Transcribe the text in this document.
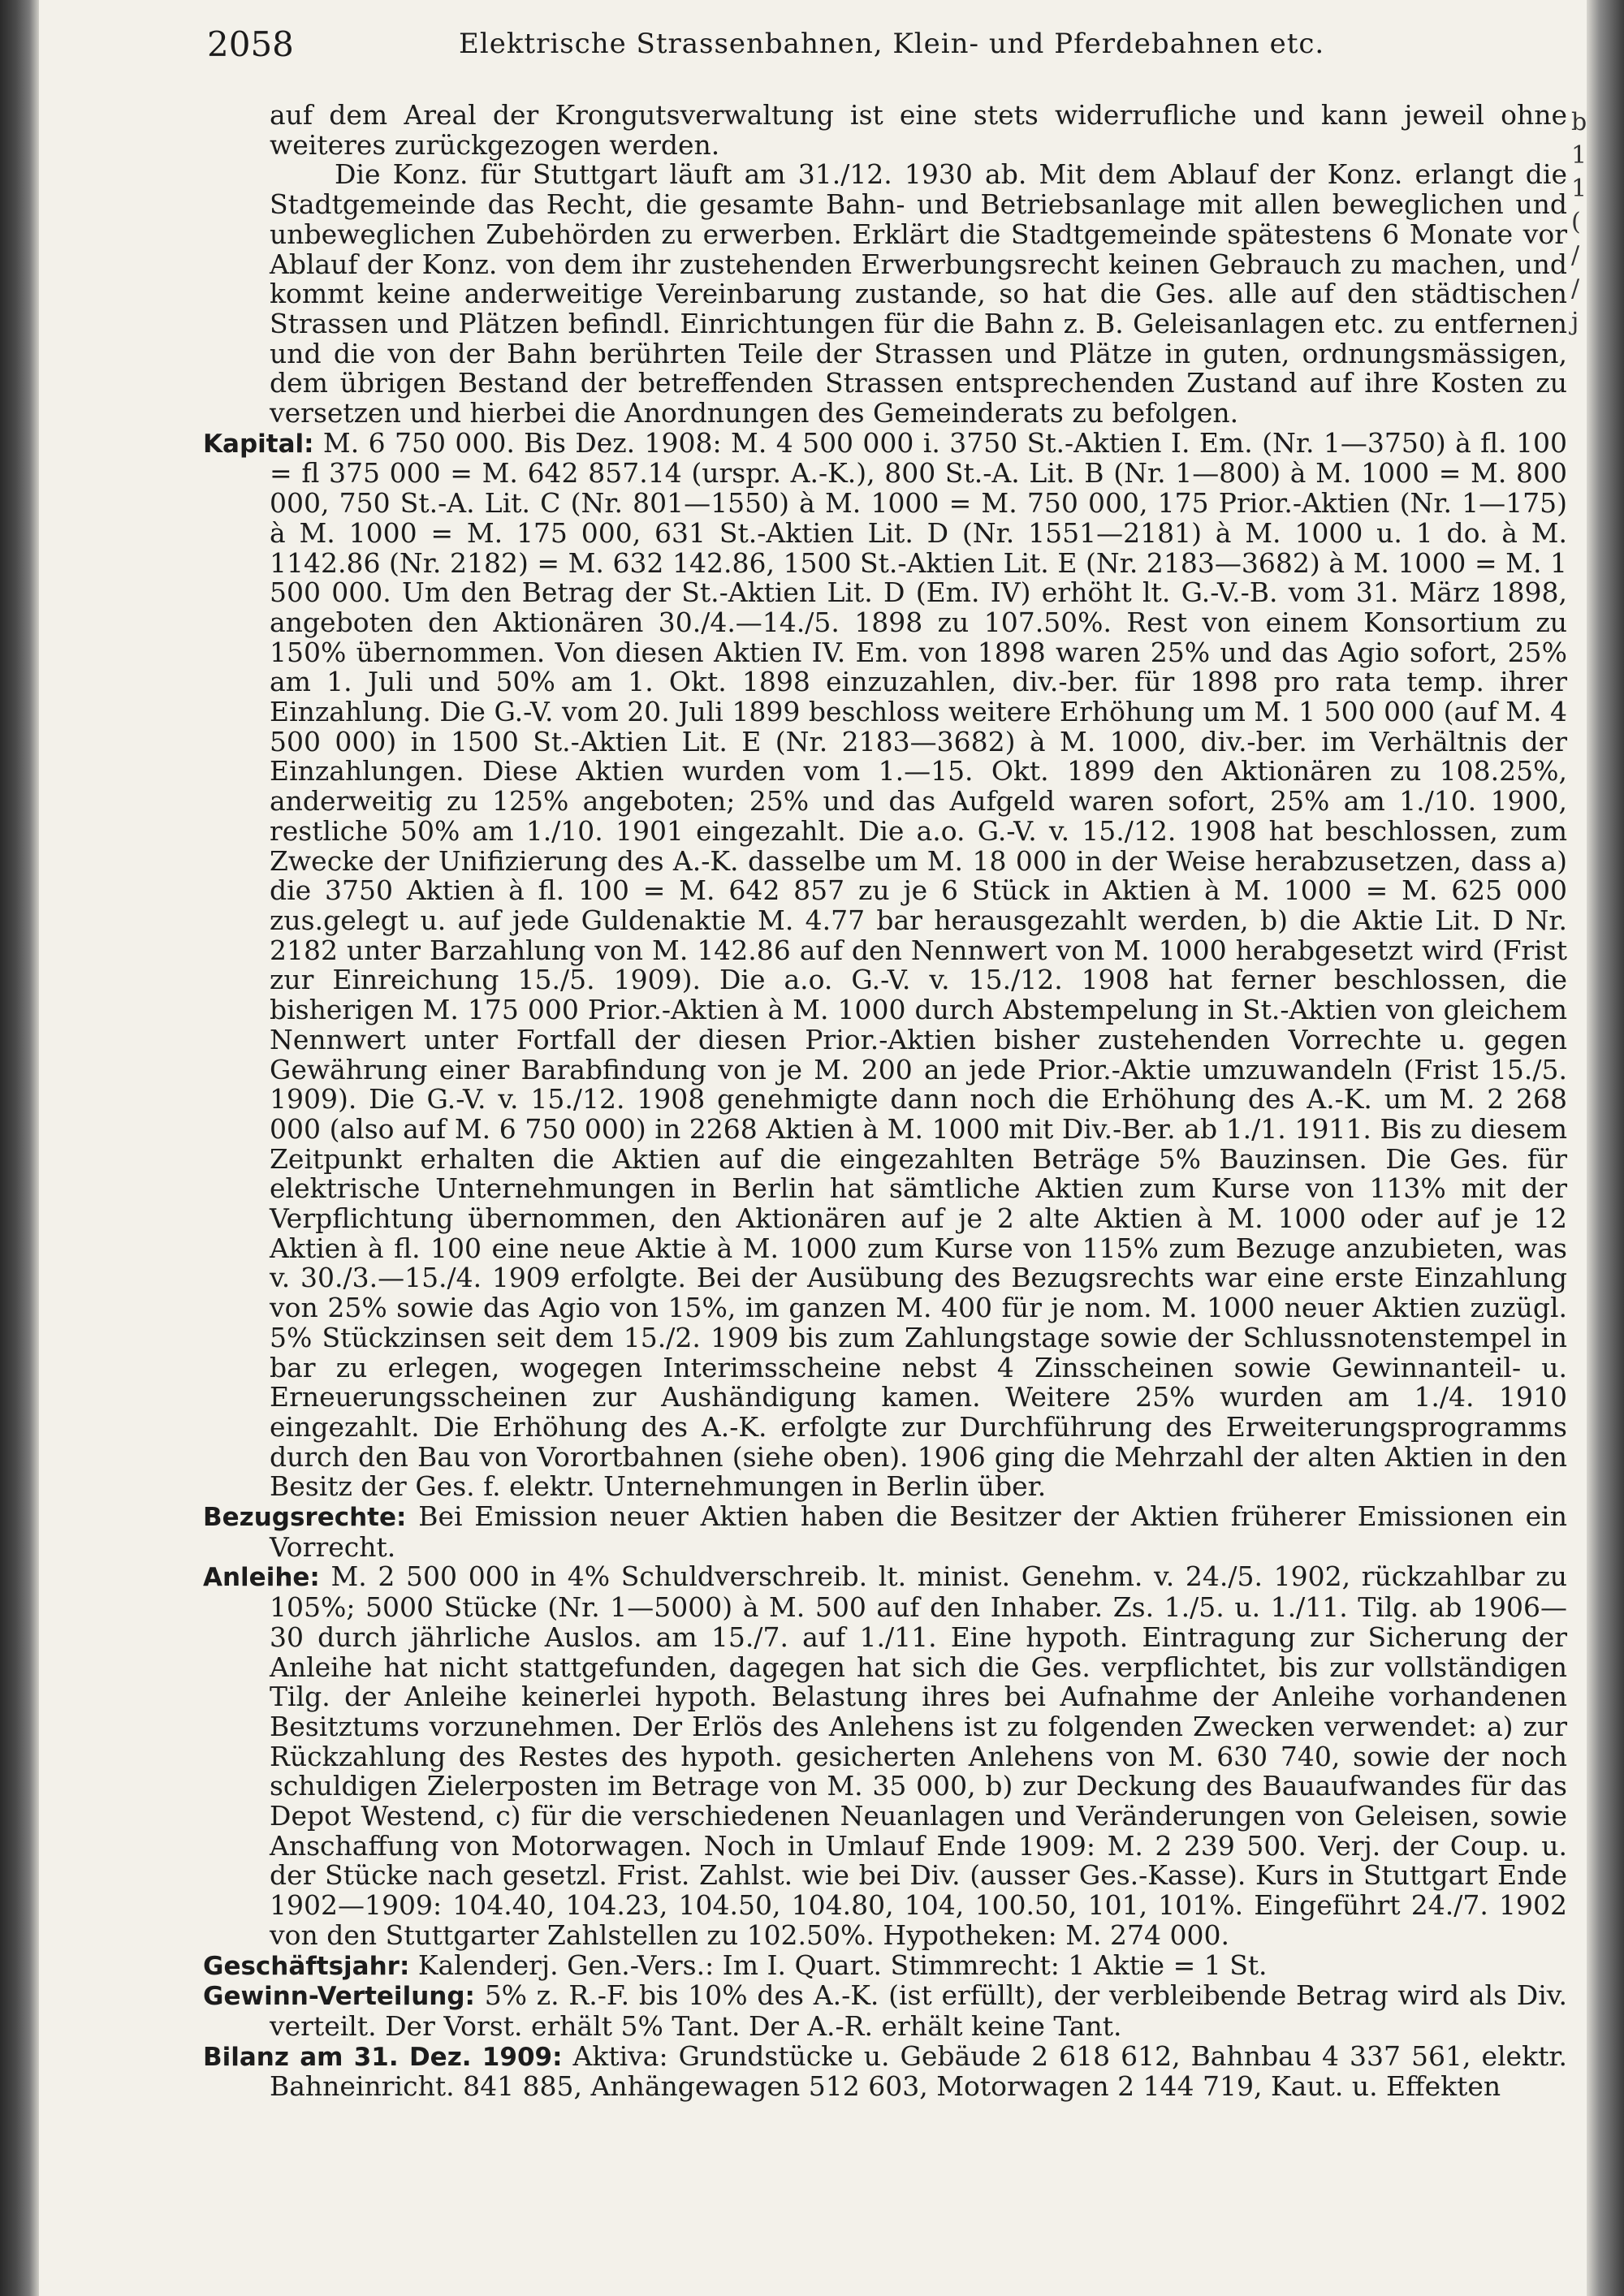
2058	Elektrische Strassenbahnen, Klein- und Pferdebahnen etc.
b
1
1
(
/
/
j

auf dem Areal der Krongutsverwaltung ist eine stets widerrufliche und kann jeweil ohne weiteres zurückgezogen werden.

Die Konz. für Stuttgart läuft am 31./12. 1930 ab. Mit dem Ablauf der Konz. erlangt die Stadtgemeinde das Recht, die gesamte Bahn- und Betriebsanlage mit allen beweglichen und unbeweglichen Zubehörden zu erwerben. Erklärt die Stadtgemeinde spätestens 6 Monate vor Ablauf der Konz. von dem ihr zustehenden Erwerbungsrecht keinen Gebrauch zu machen, und kommt keine anderweitige Vereinbarung zustande, so hat die Ges. alle auf den städtischen Strassen und Plätzen befindl. Einrichtungen für die Bahn z. B. Geleisanlagen etc. zu entfernen und die von der Bahn berührten Teile der Strassen und Plätze in guten, ordnungsmässigen, dem übrigen Bestand der betreffenden Strassen entsprechenden Zustand auf ihre Kosten zu versetzen und hierbei die Anordnungen des Gemeinderats zu befolgen.

Kapital: M. 6 750 000. Bis Dez. 1908: M. 4 500 000 i. 3750 St.-Aktien I. Em. (Nr. 1—3750) à fl. 100 = fl 375 000 = M. 642 857.14 (urspr. A.-K.), 800 St.-A. Lit. B (Nr. 1—800) à M. 1000 = M. 800 000, 750 St.-A. Lit. C (Nr. 801—1550) à M. 1000 = M. 750 000, 175 Prior.-Aktien (Nr. 1—175) à M. 1000 = M. 175 000, 631 St.-Aktien Lit. D (Nr. 1551—2181) à M. 1000 u. 1 do. à M. 1142.86 (Nr. 2182) = M. 632 142.86, 1500 St.-Aktien Lit. E (Nr. 2183—3682) à M. 1000 = M. 1 500 000. Um den Betrag der St.-Aktien Lit. D (Em. IV) erhöht lt. G.-V.-B. vom 31. März 1898, angeboten den Aktionären 30./4.—14./5. 1898 zu 107.50%. Rest von einem Konsortium zu 150% übernommen. Von diesen Aktien IV. Em. von 1898 waren 25% und das Agio sofort, 25% am 1. Juli und 50% am 1. Okt. 1898 einzuzahlen, div.-ber. für 1898 pro rata temp. ihrer Einzahlung. Die G.-V. vom 20. Juli 1899 beschloss weitere Erhöhung um M. 1 500 000 (auf M. 4 500 000) in 1500 St.-Aktien Lit. E (Nr. 2183—3682) à M. 1000, div.-ber. im Verhältnis der Einzahlungen. Diese Aktien wurden vom 1.—15. Okt. 1899 den Aktionären zu 108.25%, anderweitig zu 125% angeboten; 25% und das Aufgeld waren sofort, 25% am 1./10. 1900, restliche 50% am 1./10. 1901 eingezahlt. Die a.o. G.-V. v. 15./12. 1908 hat beschlossen, zum Zwecke der Unifizierung des A.-K. dasselbe um M. 18 000 in der Weise herabzusetzen, dass a) die 3750 Aktien à fl. 100 = M. 642 857 zu je 6 Stück in Aktien à M. 1000 = M. 625 000 zus.gelegt u. auf jede Guldenaktie M. 4.77 bar herausgezahlt werden, b) die Aktie Lit. D Nr. 2182 unter Barzahlung von M. 142.86 auf den Nennwert von M. 1000 herabgesetzt wird (Frist zur Einreichung 15./5. 1909). Die a.o. G.-V. v. 15./12. 1908 hat ferner beschlossen, die bisherigen M. 175 000 Prior.-Aktien à M. 1000 durch Abstempelung in St.-Aktien von gleichem Nennwert unter Fortfall der diesen Prior.-Aktien bisher zustehenden Vorrechte u. gegen Gewährung einer Barabfindung von je M. 200 an jede Prior.-Aktie umzuwandeln (Frist 15./5. 1909). Die G.-V. v. 15./12. 1908 genehmigte dann noch die Erhöhung des A.-K. um M. 2 268 000 (also auf M. 6 750 000) in 2268 Aktien à M. 1000 mit Div.-Ber. ab 1./1. 1911. Bis zu diesem Zeitpunkt erhalten die Aktien auf die eingezahlten Beträge 5% Bauzinsen. Die Ges. für elektrische Unternehmungen in Berlin hat sämtliche Aktien zum Kurse von 113% mit der Verpflichtung übernommen, den Aktionären auf je 2 alte Aktien à M. 1000 oder auf je 12 Aktien à fl. 100 eine neue Aktie à M. 1000 zum Kurse von 115% zum Bezuge anzubieten, was v. 30./3.—15./4. 1909 erfolgte. Bei der Ausübung des Bezugsrechts war eine erste Einzahlung von 25% sowie das Agio von 15%, im ganzen M. 400 für je nom. M. 1000 neuer Aktien zuzügl. 5% Stückzinsen seit dem 15./2. 1909 bis zum Zahlungstage sowie der Schlussnotenstempel in bar zu erlegen, wogegen Interimsscheine nebst 4 Zinsscheinen sowie Gewinnanteil- u. Erneuerungsscheinen zur Aushändigung kamen. Weitere 25% wurden am 1./4. 1910 eingezahlt. Die Erhöhung des A.-K. erfolgte zur Durchführung des Erweiterungsprogramms durch den Bau von Vorortbahnen (siehe oben). 1906 ging die Mehrzahl der alten Aktien in den Besitz der Ges. f. elektr. Unternehmungen in Berlin über.

Bezugsrechte: Bei Emission neuer Aktien haben die Besitzer der Aktien früherer Emissionen ein Vorrecht.

Anleihe: M. 2 500 000 in 4% Schuldverschreib. lt. minist. Genehm. v. 24./5. 1902, rückzahlbar zu 105%; 5000 Stücke (Nr. 1—5000) à M. 500 auf den Inhaber. Zs. 1./5. u. 1./11. Tilg. ab 1906—30 durch jährliche Auslos. am 15./7. auf 1./11. Eine hypoth. Eintragung zur Sicherung der Anleihe hat nicht stattgefunden, dagegen hat sich die Ges. verpflichtet, bis zur vollständigen Tilg. der Anleihe keinerlei hypoth. Belastung ihres bei Aufnahme der Anleihe vorhandenen Besitztums vorzunehmen. Der Erlös des Anlehens ist zu folgenden Zwecken verwendet: a) zur Rückzahlung des Restes des hypoth. gesicherten Anlehens von M. 630 740, sowie der noch schuldigen Zielerposten im Betrage von M. 35 000, b) zur Deckung des Bauaufwandes für das Depot Westend, c) für die verschiedenen Neuanlagen und Veränderungen von Geleisen, sowie Anschaffung von Motorwagen. Noch in Umlauf Ende 1909: M. 2 239 500. Verj. der Coup. u. der Stücke nach gesetzl. Frist. Zahlst. wie bei Div. (ausser Ges.-Kasse). Kurs in Stuttgart Ende 1902—1909: 104.40, 104.23, 104.50, 104.80, 104, 100.50, 101, 101%. Eingeführt 24./7. 1902 von den Stuttgarter Zahlstellen zu 102.50%. Hypotheken: M. 274 000.

Geschäftsjahr: Kalenderj. Gen.-Vers.: Im I. Quart. Stimmrecht: 1 Aktie = 1 St.

Gewinn-Verteilung: 5% z. R.-F. bis 10% des A.-K. (ist erfüllt), der verbleibende Betrag wird als Div. verteilt. Der Vorst. erhält 5% Tant. Der A.-R. erhält keine Tant.

Bilanz am 31. Dez. 1909: Aktiva: Grundstücke u. Gebäude 2 618 612, Bahnbau 4 337 561, elektr. Bahneinricht. 841 885, Anhängewagen 512 603, Motorwagen 2 144 719, Kaut. u. Effekten
